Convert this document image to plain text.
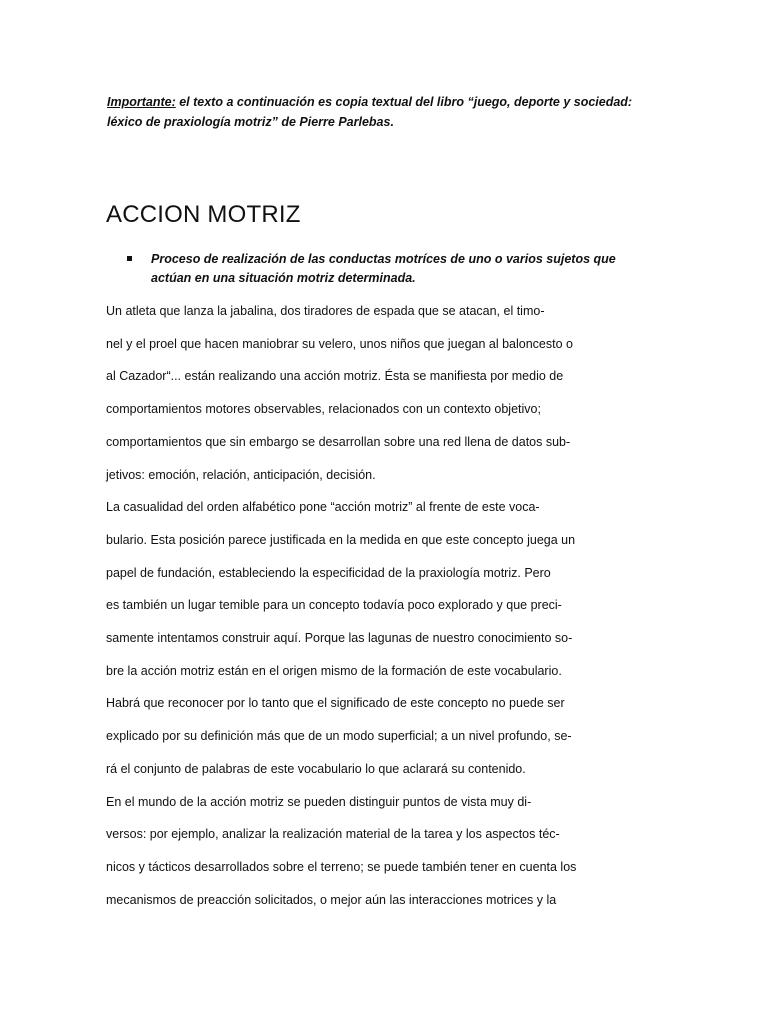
Importante: el texto a continuación es copia textual del libro “juego, deporte y sociedad: léxico de praxiología motriz” de Pierre Parlebas.
ACCION MOTRIZ
Proceso de realización de las conductas motríces de uno o varios sujetos que actúan en una situación motriz determinada.
Un atleta que lanza la jabalina, dos tiradores de espada que se atacan, el timo-
nel y el proel que hacen maniobrar su velero, unos niños que juegan al baloncesto o
al Cazador“... están realizando una acción motriz. Ésta se manifiesta por medio de
comportamientos motores observables, relacionados con un contexto objetivo;
comportamientos que sin embargo se desarrollan sobre una red llena de datos sub-
jetivos: emoción, relación, anticipación, decisión.
La casualidad del orden alfabético pone “acción motriz” al frente de este voca-
bulario. Esta posición parece justificada en la medida en que este concepto juega un
papel de fundación, estableciendo la especificidad de la praxiología motriz. Pero
es también un lugar temible para un concepto todavía poco explorado y que preci-
samente intentamos construir aquí. Porque las lagunas de nuestro conocimiento so-
bre la acción motriz están en el origen mismo de la formación de este vocabulario.
Habrá que reconocer por lo tanto que el significado de este concepto no puede ser
explicado por su definición más que de un modo superficial; a un nivel profundo, se-
rá el conjunto de palabras de este vocabulario lo que aclarará su contenido.
En el mundo de la acción motriz se pueden distinguir puntos de vista muy di-
versos: por ejemplo, analizar la realización material de la tarea y los aspectos téc-
nicos y tácticos desarrollados sobre el terreno; se puede también tener en cuenta los
mecanismos de preacción solicitados, o mejor aún las interacciones motrices y la
